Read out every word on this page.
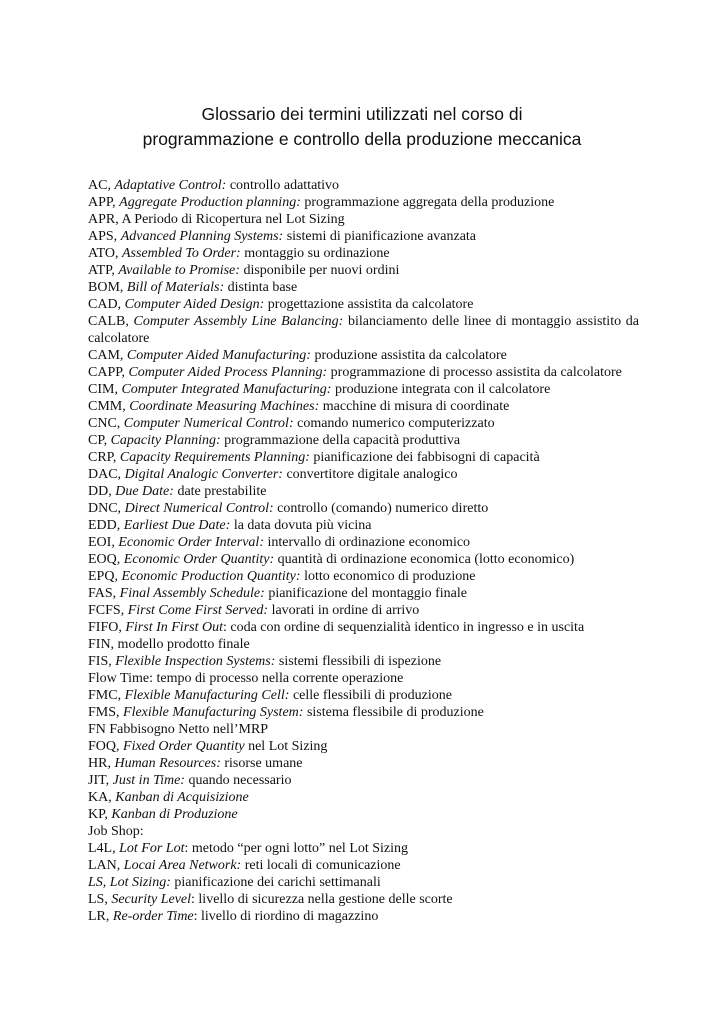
Glossario dei termini utilizzati nel corso di
programmazione e controllo della produzione meccanica
AC, Adaptative Control: controllo adattativo
APP, Aggregate Production planning: programmazione aggregata della produzione
APR, A Periodo di Ricopertura nel Lot Sizing
APS, Advanced Planning Systems: sistemi di pianificazione avanzata
ATO, Assembled To Order: montaggio su ordinazione
ATP, Available to Promise: disponibile per nuovi ordini
BOM, Bill of Materials: distinta base
CAD, Computer Aided Design: progettazione assistita da calcolatore
CALB, Computer Assembly Line Balancing: bilanciamento delle linee di montaggio assistito da calcolatore
CAM, Computer Aided Manufacturing: produzione assistita da calcolatore
CAPP, Computer Aided Process Planning: programmazione di processo assistita da calcolatore
CIM, Computer Integrated Manufacturing: produzione integrata con il calcolatore
CMM, Coordinate Measuring Machines: macchine di misura di coordinate
CNC, Computer Numerical Control: comando numerico computerizzato
CP, Capacity Planning: programmazione della capacità produttiva
CRP, Capacity Requirements Planning: pianificazione dei fabbisogni di capacità
DAC, Digital Analogic Converter: convertitore digitale analogico
DD, Due Date: date prestabilite
DNC, Direct Numerical Control: controllo (comando) numerico diretto
EDD, Earliest Due Date: la data dovuta più vicina
EOI, Economic Order Interval: intervallo di ordinazione economico
EOQ, Economic Order Quantity: quantità di ordinazione economica (lotto economico)
EPQ, Economic Production Quantity: lotto economico di produzione
FAS, Final Assembly Schedule: pianificazione del montaggio finale
FCFS, First Come First Served: lavorati in ordine di arrivo
FIFO, First In First Out: coda con ordine di sequenzialità identico in ingresso e in uscita
FIN, modello prodotto finale
FIS, Flexible Inspection Systems: sistemi flessibili di ispezione
Flow Time: tempo di processo nella corrente operazione
FMC, Flexible Manufacturing Cell: celle flessibili di produzione
FMS, Flexible Manufacturing System: sistema flessibile di produzione
FN Fabbisogno Netto nell’MRP
FOQ, Fixed Order Quantity nel Lot Sizing
HR, Human Resources: risorse umane
JIT, Just in Time: quando necessario
KA, Kanban di Acquisizione
KP, Kanban di Produzione
Job Shop:
L4L, Lot For Lot: metodo “per ogni lotto” nel Lot Sizing
LAN, Locai Area Network: reti locali di comunicazione
LS, Lot Sizing: pianificazione dei carichi settimanali
LS, Security Level: livello di sicurezza nella gestione delle scorte
LR, Re-order Time: livello di riordino di magazzino
